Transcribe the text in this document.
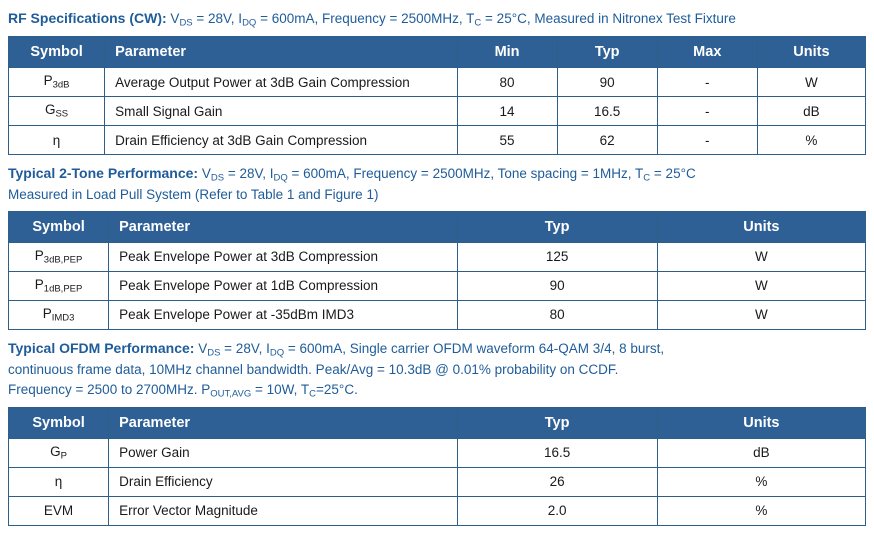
RF Specifications (CW): $V_{DS} = 28V$, $I_{DQ} = 600mA$, Frequency = 2500MHz, $T_C = 25^\circ C$, Measured in Nitronex Test Fixture
Symbol	Parameter	Min	Typ	Max	Units
$P_{3dB}$	Average Output Power at 3dB Gain Compression	80	90	-	W
$G_{SS}$	Small Signal Gain	14	16.5	-	dB
η	Drain Efficiency at 3dB Gain Compression	55	62	-	%
Typical 2-Tone Performance: $V_{DS} = 28V$, $I_{DQ} = 600mA$, Frequency = 2500MHz, Tone spacing = 1MHz, $T_C = 25^\circ C$
Measured in Load Pull System (Refer to Table 1 and Figure 1)
Symbol	Parameter	Typ	Units
$P_{3dB,PEP}$	Peak Envelope Power at 3dB Compression	125	W
$P_{1dB,PEP}$	Peak Envelope Power at 1dB Compression	90	W
$P_{IMD3}$	Peak Envelope Power at -35dBm IMD3	80	W
Typical OFDM Performance: $V_{DS} = 28V$, $I_{DQ} = 600mA$, Single carrier OFDM waveform 64-QAM 3/4, 8 burst,
continuous frame data, 10MHz channel bandwidth. Peak/Avg = 10.3dB @ 0.01% probability on CCDF.
Frequency = 2500 to 2700MHz. $P_{OUT,AVG} = 10W$, $T_C=25^\circ C$.
Symbol	Parameter	Typ	Units
$G_P$	Power Gain	16.5	dB
η	Drain Efficiency	26	%
EVM	Error Vector Magnitude	2.0	%
